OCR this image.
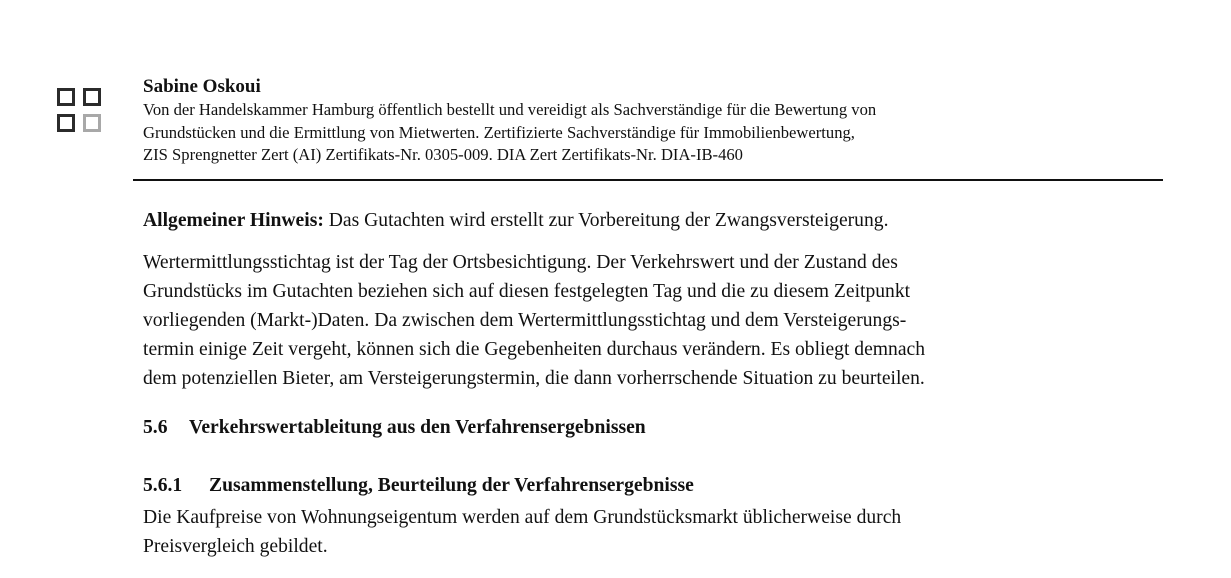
Sabine Oskoui

Von der Handelskammer Hamburg öffentlich bestellt und vereidigt als Sachverständige für die Bewertung von
Grundstücken und die Ermittlung von Mietwerten. Zertifizierte Sachverständige für Immobilienbewertung,
ZIS Sprengnetter Zert (AI) Zertifikats-Nr. 0305-009. DIA Zert Zertifikats-Nr. DIA-IB-460

Allgemeiner Hinweis: Das Gutachten wird erstellt zur Vorbereitung der Zwangsversteigerung.

Wertermittlungsstichtag ist der Tag der Ortsbesichtigung. Der Verkehrswert und der Zustand des
Grundstücks im Gutachten beziehen sich auf diesen festgelegten Tag und die zu diesem Zeitpunkt
vorliegenden (Markt-)Daten. Da zwischen dem Wertermittlungsstichtag und dem Versteigerungs-
termin einige Zeit vergeht, können sich die Gegebenheiten durchaus verändern. Es obliegt demnach
dem potenziellen Bieter, am Versteigerungstermin, die dann vorherrschende Situation zu beurteilen.

5.6 Verkehrswertableitung aus den Verfahrensergebnissen

5.6.1 Zusammenstellung, Beurteilung der Verfahrensergebnisse

Die Kaufpreise von Wohnungseigentum werden auf dem Grundstücksmarkt üblicherweise durch
Preisvergleich gebildet.
